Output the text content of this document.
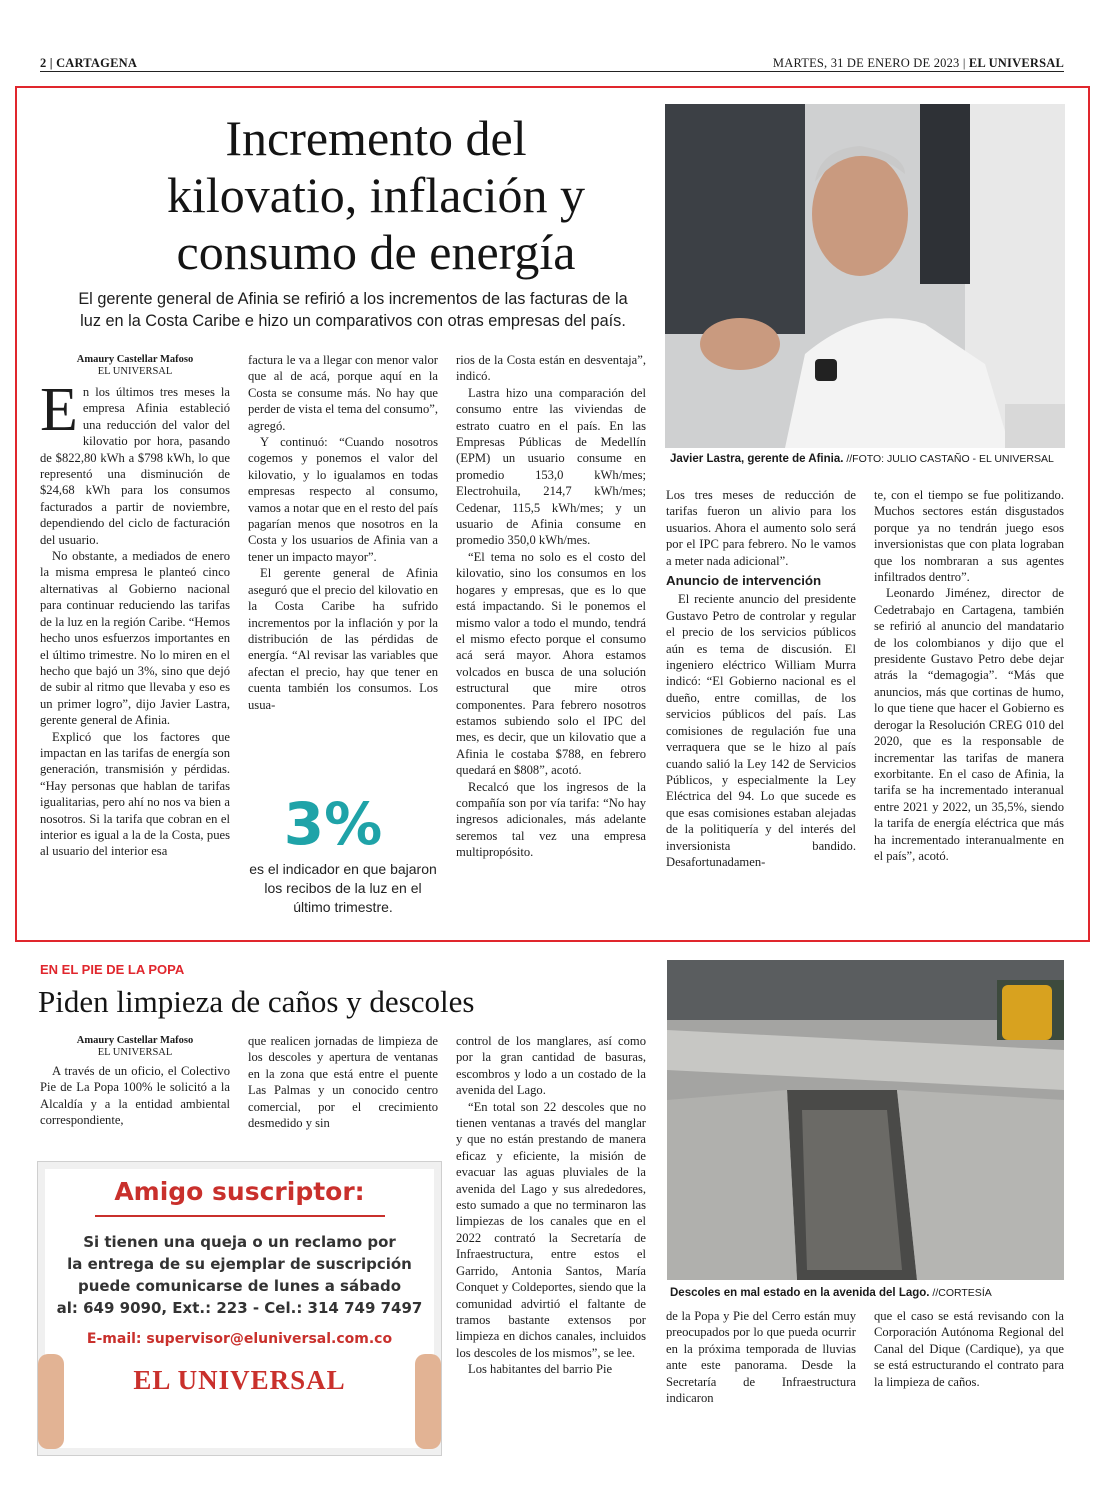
2 | CARTAGENA	MARTES, 31 DE ENERO DE 2023 | EL UNIVERSAL
Incremento del
kilovatio, inflación y
consumo de energía
El gerente general de Afinia se refirió a los incrementos de las facturas de la
luz en la Costa Caribe e hizo un comparativos con otras empresas del país.
Javier Lastra, gerente de Afinia. //FOTO: JULIO CASTAÑO - EL UNIVERSAL
Amaury Castellar Mafoso
EL UNIVERSAL

En los últimos tres meses la empresa Afinia estableció una reducción del valor del kilovatio por hora, pasando de $822,80 kWh a $798 kWh, lo que representó una disminución de $24,68 kWh para los consumos facturados a partir de noviembre, dependiendo del ciclo de facturación del usuario.

No obstante, a mediados de enero la misma empresa le planteó cinco alternativas al Gobierno nacional para continuar reduciendo las tarifas de la luz en la región Caribe. “Hemos hecho unos esfuerzos importantes en el último trimestre. No lo miren en el hecho que bajó un 3%, sino que dejó de subir al ritmo que llevaba y eso es un primer logro”, dijo Javier Lastra, gerente general de Afinia.

Explicó que los factores que impactan en las tarifas de energía son generación, transmisión y pérdidas. “Hay personas que hablan de tarifas igualitarias, pero ahí no nos va bien a nosotros. Si la tarifa que cobran en el interior es igual a la de la Costa, pues al usuario del interior esa

factura le va a llegar con menor valor que al de acá, porque aquí en la Costa se consume más. No hay que perder de vista el tema del consumo”, agregó.

Y continuó: “Cuando nosotros cogemos y ponemos el valor del kilovatio, y lo igualamos en todas empresas respecto al consumo, vamos a notar que en el resto del país pagarían menos que nosotros en la Costa y los usuarios de Afinia van a tener un impacto mayor”.

El gerente general de Afinia aseguró que el precio del kilovatio en la Costa Caribe ha sufrido incrementos por la inflación y por la distribución de las pérdidas de energía. “Al revisar las variables que afectan el precio, hay que tener en cuenta también los consumos. Los usua-

3%
es el indicador en que bajaron los recibos de la luz en el último trimestre.

rios de la Costa están en desventaja”, indicó.

Lastra hizo una comparación del consumo entre las viviendas de estrato cuatro en el país. En las Empresas Públicas de Medellín (EPM) un usuario consume en promedio 153,0 kWh/mes; Electrohuila, 214,7 kWh/mes; Cedenar, 115,5 kWh/mes; y un usuario de Afinia consume en promedio 350,0 kWh/mes.

“El tema no solo es el costo del kilovatio, sino los consumos en los hogares y empresas, que es lo que está impactando. Si le ponemos el mismo valor a todo el mundo, tendrá el mismo efecto porque el consumo acá será mayor. Ahora estamos volcados en busca de una solución estructural que mire otros componentes. Para febrero nosotros estamos subiendo solo el IPC del mes, es decir, que un kilovatio que a Afinia le costaba $788, en febrero quedará en $808”, acotó.

Recalcó que los ingresos de la compañía son por vía tarifa: “No hay ingresos adicionales, más adelante seremos tal vez una empresa multipropósito.

Los tres meses de reducción de tarifas fueron un alivio para los usuarios. Ahora el aumento solo será por el IPC para febrero. No le vamos a meter nada adicional”.

Anuncio de intervención

El reciente anuncio del presidente Gustavo Petro de controlar y regular el precio de los servicios públicos aún es tema de discusión. El ingeniero eléctrico William Murra indicó: “El Gobierno nacional es el dueño, entre comillas, de los servicios públicos del país. Las comisiones de regulación fue una verraquera que se le hizo al país cuando salió la Ley 142 de Servicios Públicos, y especialmente la Ley Eléctrica del 94. Lo que sucede es que esas comisiones estaban alejadas de la politiquería y del interés del inversionista bandido. Desafortunadamen-

te, con el tiempo se fue politizando. Muchos sectores están disgustados porque ya no tendrán juego esos inversionistas que con plata lograban que los nombraran a sus agentes infiltrados dentro”.

Leonardo Jiménez, director de Cedetrabajo en Cartagena, también se refirió al anuncio del mandatario de los colombianos y dijo que el presidente Gustavo Petro debe dejar atrás la “demagogia”. “Más que anuncios, más que cortinas de humo, lo que tiene que hacer el Gobierno es derogar la Resolución CREG 010 del 2020, que es la responsable de incrementar las tarifas de manera exorbitante. En el caso de Afinia, la tarifa se ha incrementado interanual entre 2021 y 2022, un 35,5%, siendo la tarifa de energía eléctrica que más ha incrementado interanualmente en el país”, acotó.

EN EL PIE DE LA POPA
Piden limpieza de caños y descoles
Amaury Castellar Mafoso
EL UNIVERSAL

A través de un oficio, el Colectivo Pie de La Popa 100% le solicitó a la Alcaldía y a la entidad ambiental correspondiente,

que realicen jornadas de limpieza de los descoles y apertura de ventanas en la zona que está entre el puente Las Palmas y un conocido centro comercial, por el crecimiento desmedido y sin

control de los manglares, así como por la gran cantidad de basuras, escombros y lodo a un costado de la avenida del Lago.

“En total son 22 descoles que no tienen ventanas a través del manglar y que no están prestando de manera eficaz y eficiente, la misión de evacuar las aguas pluviales de la avenida del Lago y sus alrededores, esto sumado a que no terminaron las limpiezas de los canales que en el 2022 contrató la Secretaría de Infraestructura, entre estos el Garrido, Antonia Santos, María Conquet y Coldeportes, siendo que la comunidad advirtió el faltante de tramos bastante extensos por limpieza en dichos canales, incluidos los descoles de los mismos”, se lee.

Los habitantes del barrio Pie

Descoles en mal estado en la avenida del Lago. //CORTESÍA

de la Popa y Pie del Cerro están muy preocupados por lo que pueda ocurrir en la próxima temporada de lluvias ante este panorama. Desde la Secretaría de Infraestructura indicaron

que el caso se está revisando con la Corporación Autónoma Regional del Canal del Dique (Cardique), ya que se está estructurando el contrato para la limpieza de caños.

Amigo suscriptor:
Si tienen una queja o un reclamo por
la entrega de su ejemplar de suscripción
puede comunicarse de lunes a sábado
al: 649 9090, Ext.: 223 - Cel.: 314 749 7497
E-mail: supervisor@eluniversal.com.co
EL UNIVERSAL
